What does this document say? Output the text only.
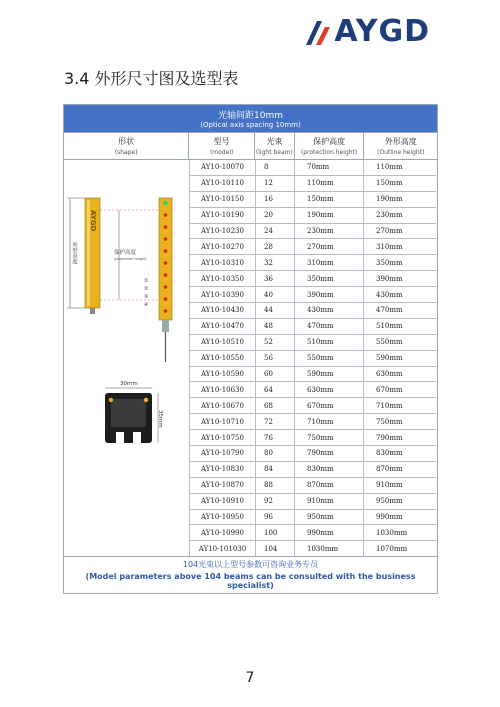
AYGD
3.4 外形尺寸图及选型表
光轴间距10mm
(Optical axis spacing 10mm)
形状
(shape)
型号
(model)
光束
(light beam)
保护高度
(protection height)
外形高度
(Outline height)
外形高度
AYGD
保护高度
(protection height)
①
②
③
④
30mm
35mm
AY10-10070	8	70mm	110mm
AY10-10110	12	110mm	150mm
AY10-10150	16	150mm	190mm
AY10-10190	20	190mm	230mm
AY10-10230	24	230mm	270mm
AY10-10270	28	270mm	310mm
AY10-10310	32	310mm	350mm
AY10-10350	36	350mm	390mm
AY10-10390	40	390mm	430mm
AY10-10430	44	430mm	470mm
AY10-10470	48	470mm	510mm
AY10-10510	52	510mm	550mm
AY10-10550	56	550mm	590mm
AY10-10590	60	590mm	630mm
AY10-10630	64	630mm	670mm
AY10-10670	68	670mm	710mm
AY10-10710	72	710mm	750mm
AY10-10750	76	750mm	790mm
AY10-10790	80	790mm	830mm
AY10-10830	84	830mm	870mm
AY10-10870	88	870mm	910mm
AY10-10910	92	910mm	950mm
AY10-10950	96	950mm	990mm
AY10-10990	100	990mm	1030mm
AY10-101030	104	1030mm	1070mm
104光束以上型号参数可咨询业务专员
(Model parameters above 104 beams can be consulted with the business specialist)
7
